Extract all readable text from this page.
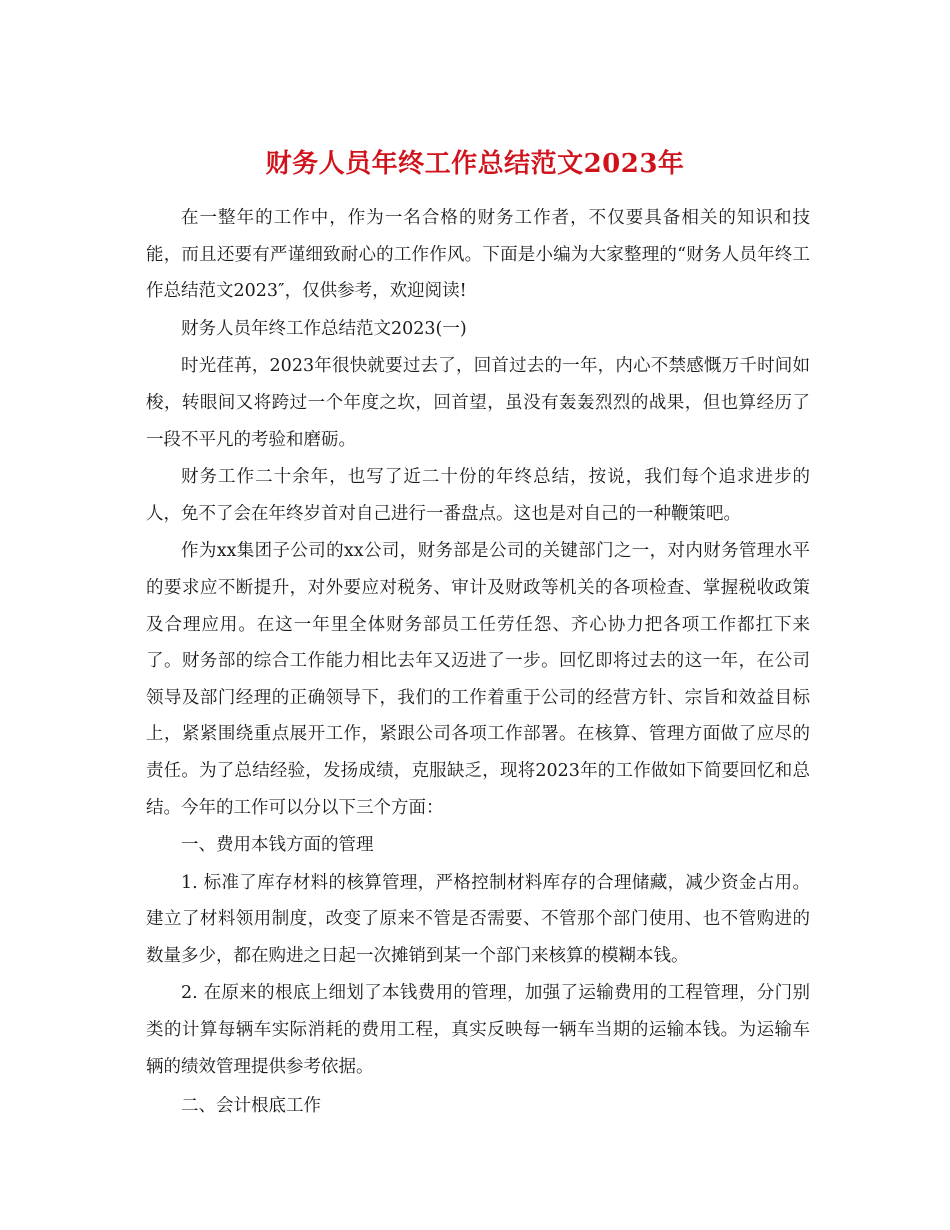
财务人员年终工作总结范文2023年

在一整年的工作中，作为一名合格的财务工作者，不仅要具备相关的知识和技能，而且还要有严谨细致耐心的工作作风。下面是小编为大家整理的“财务人员年终工作总结范文2023″，仅供参考，欢迎阅读!

财务人员年终工作总结范文2023(一)

时光荏苒，2023年很快就要过去了，回首过去的一年，内心不禁感慨万千时间如梭，转眼间又将跨过一个年度之坎，回首望，虽没有轰轰烈烈的战果，但也算经历了一段不平凡的考验和磨砺。

财务工作二十余年，也写了近二十份的年终总结，按说，我们每个追求进步的人，免不了会在年终岁首对自己进行一番盘点。这也是对自己的一种鞭策吧。

作为xx集团子公司的xx公司，财务部是公司的关键部门之一，对内财务管理水平的要求应不断提升，对外要应对税务、审计及财政等机关的各项检查、掌握税收政策及合理应用。在这一年里全体财务部员工任劳任怨、齐心协力把各项工作都扛下来了。财务部的综合工作能力相比去年又迈进了一步。回忆即将过去的这一年，在公司领导及部门经理的正确领导下，我们的工作着重于公司的经营方针、宗旨和效益目标上，紧紧围绕重点展开工作，紧跟公司各项工作部署。在核算、管理方面做了应尽的责任。为了总结经验，发扬成绩，克服缺乏，现将2023年的工作做如下简要回忆和总结。今年的工作可以分以下三个方面：

一、费用本钱方面的管理

1. 标准了库存材料的核算管理，严格控制材料库存的合理储藏，减少资金占用。建立了材料领用制度，改变了原来不管是否需要、不管那个部门使用、也不管购进的数量多少，都在购进之日起一次摊销到某一个部门来核算的模糊本钱。

2. 在原来的根底上细划了本钱费用的管理，加强了运输费用的工程管理，分门别类的计算每辆车实际消耗的费用工程，真实反映每一辆车当期的运输本钱。为运输车辆的绩效管理提供参考依据。

二、会计根底工作
